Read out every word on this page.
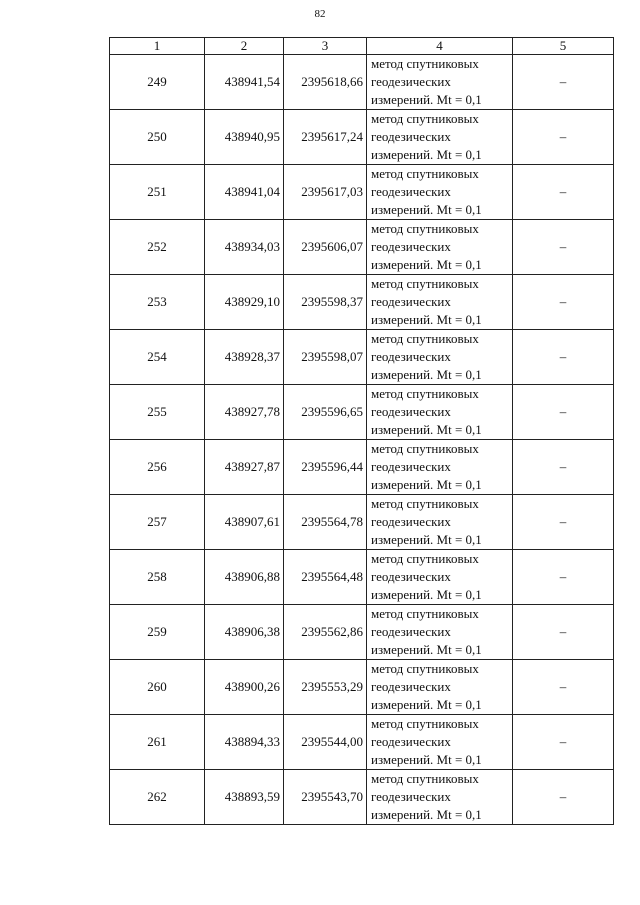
82
1	2	3	4	5
249	438941,54	2395618,66	метод спутниковых
геодезических
измерений. Mt = 0,1	–
250	438940,95	2395617,24	метод спутниковых
геодезических
измерений. Mt = 0,1	–
251	438941,04	2395617,03	метод спутниковых
геодезических
измерений. Mt = 0,1	–
252	438934,03	2395606,07	метод спутниковых
геодезических
измерений. Mt = 0,1	–
253	438929,10	2395598,37	метод спутниковых
геодезических
измерений. Mt = 0,1	–
254	438928,37	2395598,07	метод спутниковых
геодезических
измерений. Mt = 0,1	–
255	438927,78	2395596,65	метод спутниковых
геодезических
измерений. Mt = 0,1	–
256	438927,87	2395596,44	метод спутниковых
геодезических
измерений. Mt = 0,1	–
257	438907,61	2395564,78	метод спутниковых
геодезических
измерений. Mt = 0,1	–
258	438906,88	2395564,48	метод спутниковых
геодезических
измерений. Mt = 0,1	–
259	438906,38	2395562,86	метод спутниковых
геодезических
измерений. Mt = 0,1	–
260	438900,26	2395553,29	метод спутниковых
геодезических
измерений. Mt = 0,1	–
261	438894,33	2395544,00	метод спутниковых
геодезических
измерений. Mt = 0,1	–
262	438893,59	2395543,70	метод спутниковых
геодезических
измерений. Mt = 0,1	–
